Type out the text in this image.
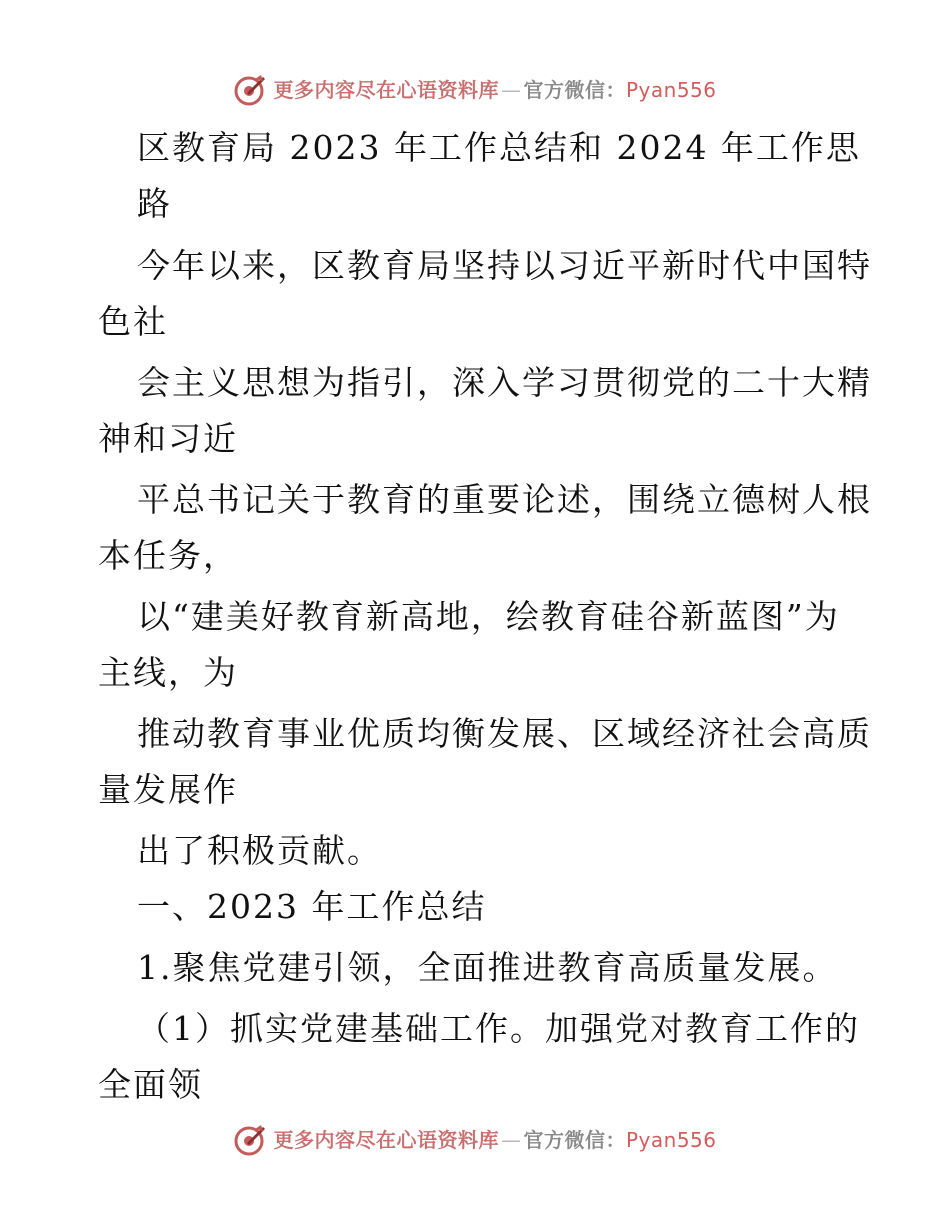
更多内容尽在心语资料库 — 官方微信：Pyan556
区教育局 2023 年工作总结和 2024 年工作思
路
今年以来，区教育局坚持以习近平新时代中国特
色社
会主义思想为指引，深入学习贯彻党的二十大精
神和习近
平总书记关于教育的重要论述，围绕立德树人根
本任务，
以“建美好教育新高地，绘教育硅谷新蓝图”为
主线，为
推动教育事业优质均衡发展、区域经济社会高质
量发展作
出了积极贡献。
一、2023 年工作总结
1.聚焦党建引领，全面推进教育高质量发展。
（1）抓实党建基础工作。加强党对教育工作的
全面领
更多内容尽在心语资料库 — 官方微信：Pyan556
